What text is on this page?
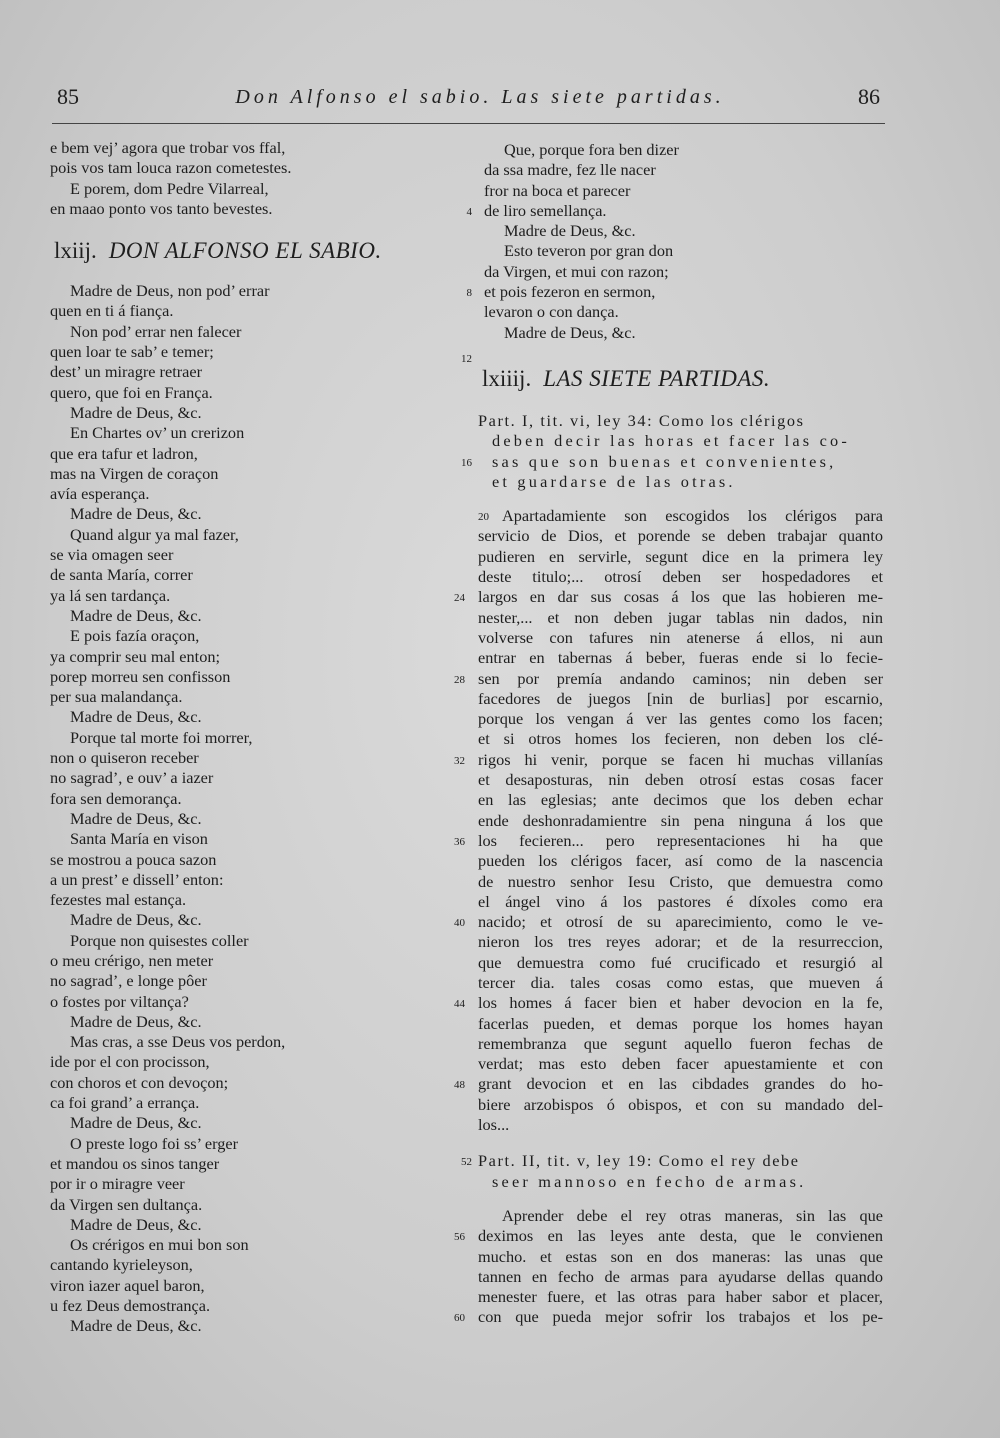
85	Don Alfonso el sabio. Las siete partidas.	86
e bem vej’ agora que trobar vos ffal,
pois vos tam louca razon cometestes.
E porem, dom Pedre Vilarreal,
en maao ponto vos tanto bevestes.
lxiij. DON ALFONSO EL SABIO.
Madre de Deus, non pod’ errar
quen en ti á fiança.
Non pod’ errar nen falecer
quen loar te sab’ e temer;
dest’ un miragre retraer
quero, que foi en França.
Madre de Deus, &c.
En Chartes ov’ un crerizon
que era tafur et ladron,
mas na Virgen de coraçon
avía esperança.
Madre de Deus, &c.
Quand algur ya mal fazer,
se via omagen seer
de santa María, correr
ya lá sen tardança.
Madre de Deus, &c.
E pois fazía oraçon,
ya comprir seu mal enton;
porep morreu sen confisson
per sua malandança.
Madre de Deus, &c.
Porque tal morte foi morrer,
non o quiseron receber
no sagrad’, e ouv’ a iazer
fora sen demorança.
Madre de Deus, &c.
Santa María en vison
se mostrou a pouca sazon
a un prest’ e dissell’ enton:
fezestes mal estança.
Madre de Deus, &c.
Porque non quisestes coller
o meu crérigo, nen meter
no sagrad’, e longe pôer
o fostes por viltança?
Madre de Deus, &c.
Mas cras, a sse Deus vos perdon,
ide por el con procisson,
con choros et con devoçon;
ca foi grand’ a errança.
Madre de Deus, &c.
O preste logo foi ss’ erger
et mandou os sinos tanger
por ir o miragre veer
da Virgen sen dultança.
Madre de Deus, &c.
Os crérigos en mui bon son
cantando kyrieleyson,
viron iazer aquel baron,
u fez Deus demostrança.
Madre de Deus, &c.
Que, porque fora ben dizer
da ssa madre, fez lle nacer
fror na boca et parecer
4 de liro semellança.
Madre de Deus, &c.
Esto teveron por gran don
da Virgen, et mui con razon;
8 et pois fezeron en sermon,
levaron o con dança.
Madre de Deus, &c.
12
lxiiij. LAS SIETE PARTIDAS.
Part. I, tit. vi, ley 34: Como los clérigos
deben decir las horas et facer las co-
16 sas que son buenas et convenientes,
et guardarse de las otras.
20 Apartadamiente son escogidos los clérigos para
servicio de Dios, et porende se deben trabajar quanto
pudieren en servirle, segunt dice en la primera ley
deste titulo;... otrosí deben ser hospedadores et
24 largos en dar sus cosas á los que las hobieren me-
nester,... et non deben jugar tablas nin dados, nin
volverse con tafures nin atenerse á ellos, ni aun
entrar en tabernas á beber, fueras ende si lo fecie-
28 sen por premía andando caminos; nin deben ser
facedores de juegos [nin de burlias] por escarnio,
porque los vengan á ver las gentes como los facen;
et si otros homes los fecieren, non deben los clé-
32 rigos hi venir, porque se facen hi muchas villanías
et desaposturas, nin deben otrosí estas cosas facer
en las eglesias; ante decimos que los deben echar
ende deshonradamientre sin pena ninguna á los que
36 los fecieren... pero representaciones hi ha que
pueden los clérigos facer, así como de la nascencia
de nuestro senhor Iesu Cristo, que demuestra como
el ángel vino á los pastores é díxoles como era
40 nacido; et otrosí de su aparecimiento, como le ve-
nieron los tres reyes adorar; et de la resurreccion,
que demuestra como fué crucificado et resurgió al
tercer dia. tales cosas como estas, que mueven á
44 los homes á facer bien et haber devocion en la fe,
facerlas pueden, et demas porque los homes hayan
remembranza que segunt aquello fueron fechas de
verdat; mas esto deben facer apuestamiente et con
48 grant devocion et en las cibdades grandes do ho-
biere arzobispos ó obispos, et con su mandado del-
los...
52 Part. II, tit. v, ley 19: Como el rey debe
seer mannoso en fecho de armas.
Aprender debe el rey otras maneras, sin las que
56 deximos en las leyes ante desta, que le convienen
mucho. et estas son en dos maneras: las unas que
tannen en fecho de armas para ayudarse dellas quando
menester fuere, et las otras para haber sabor et placer,
60 con que pueda mejor sofrir los trabajos et los pe-
